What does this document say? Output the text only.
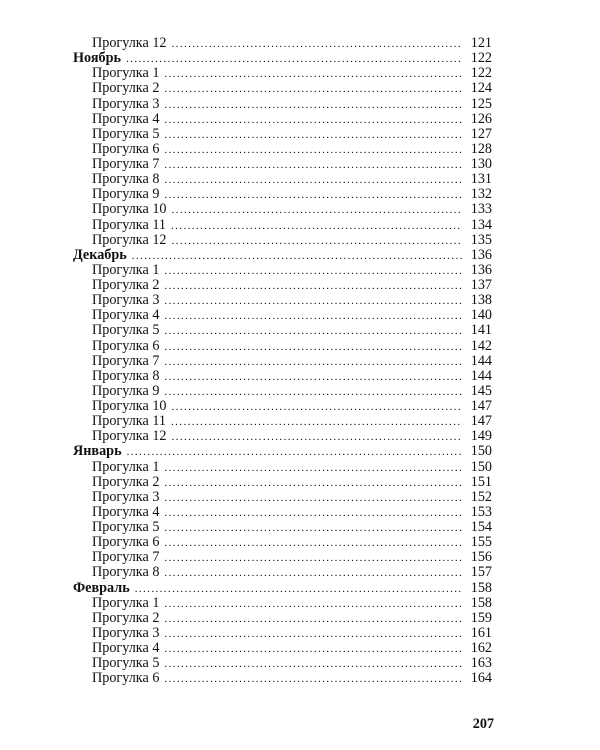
Прогулка 12 .....	121
Ноябрь .....	122
Прогулка 1 .....	122
Прогулка 2 .....	124
Прогулка 3 .....	125
Прогулка 4 .....	126
Прогулка 5 .....	127
Прогулка 6 .....	128
Прогулка 7 .....	130
Прогулка 8 .....	131
Прогулка 9 .....	132
Прогулка 10 .....	133
Прогулка 11 .....	134
Прогулка 12 .....	135
Декабрь .....	136
Прогулка 1 .....	136
Прогулка 2 .....	137
Прогулка 3 .....	138
Прогулка 4 .....	140
Прогулка 5 .....	141
Прогулка 6 .....	142
Прогулка 7 .....	144
Прогулка 8 .....	144
Прогулка 9 .....	145
Прогулка 10 .....	147
Прогулка 11 .....	147
Прогулка 12 .....	149
Январь .....	150
Прогулка 1 .....	150
Прогулка 2 .....	151
Прогулка 3 .....	152
Прогулка 4 .....	153
Прогулка 5 .....	154
Прогулка 6 .....	155
Прогулка 7 .....	156
Прогулка 8 .....	157
Февраль .....	158
Прогулка 1 .....	158
Прогулка 2 .....	159
Прогулка 3 .....	161
Прогулка 4 .....	162
Прогулка 5 .....	163
Прогулка 6 .....	164
207
